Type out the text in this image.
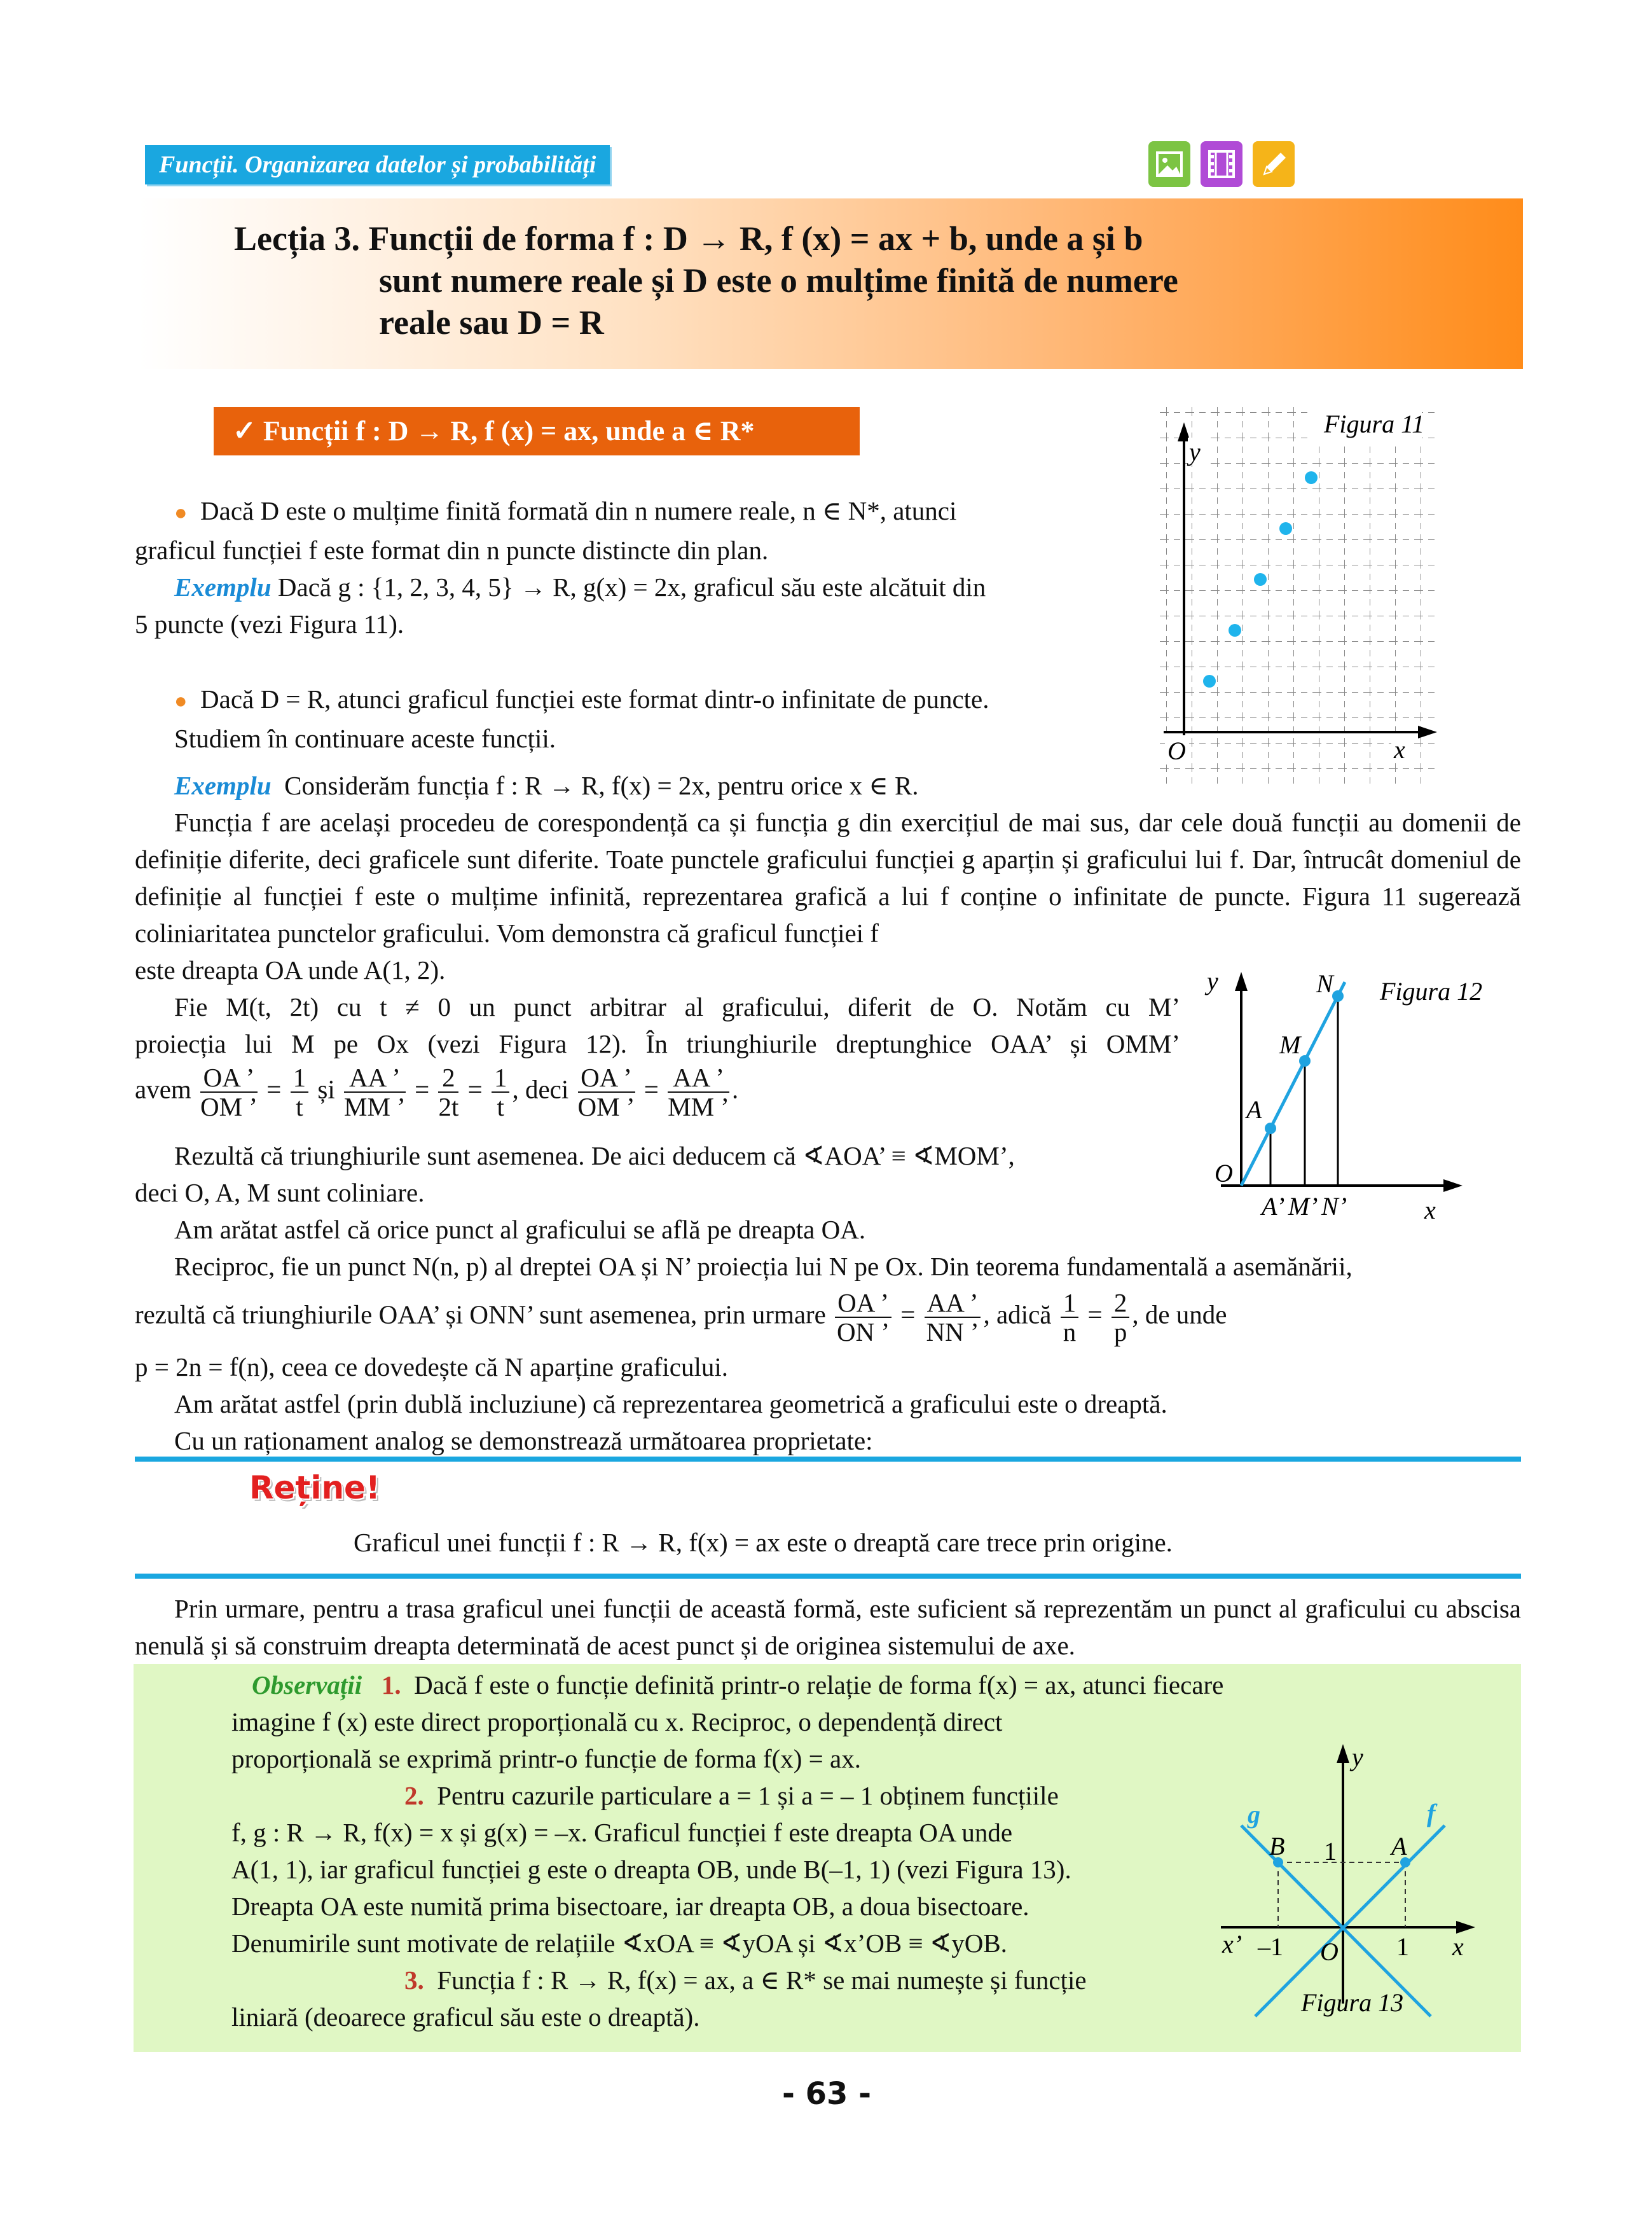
Funcții. Organizarea datelor și probabilități
Lecția 3. Funcții de forma f : D → R, f (x) = ax + b, unde a și b
sunt numere reale și D este o mulțime finită de numere
reale sau D = R
✓ Funcții f : D → R, f (x) = ax, unde a ∈ R*	Figura 11
y
O	x
● Dacă D este o mulțime finită formată din n numere reale, n ∈ N*, atunci
graficul funcției f este format din n puncte distincte din plan.
Exemplu Dacă g : {1, 2, 3, 4, 5} → R, g(x) = 2x, graficul său este alcătuit din
5 puncte (vezi Figura 11).
● Dacă D = R, atunci graficul funcției este format dintr-o infinitate de puncte.
Studiem în continuare aceste funcții.
Exemplu Considerăm funcția f : R → R, f(x) = 2x, pentru orice x ∈ R.
Funcția f are același procedeu de corespondență ca și funcția g din exercițiul de mai sus, dar cele două funcții au domenii de definiție diferite, deci graficele sunt diferite. Toate punctele graficului funcției g aparțin și graficului lui f. Dar, întrucât domeniul de definiție al funcției f este o mulțime infinită, reprezentarea grafică a lui f conține o infinitate de puncte. Figura 11 sugerează coliniaritatea punctelor graficului. Vom demonstra că graficul funcției f
este dreapta OA unde A(1, 2).
Fie M(t, 2t) cu t ≠ 0 un punct arbitrar al graficului, diferit de O. Notăm cu M’
proiecția lui M pe Ox (vezi Figura 12). În triunghiurile dreptunghice OAA’ și OMM’
avem $\frac{OA ’}{OM ’} = \frac{1}{t}$ și $\frac{AA ’}{MM ’} = \frac{2}{2t} = \frac{1}{t}$ , deci $\frac{OA ’}{OM ’} = \frac{AA ’}{MM ’}$ .
Rezultă că triunghiurile sunt asemenea. De aici deducem că ∢AOA’ ≡ ∢MOM’,
deci O, A, M sunt coliniare.
Am arătat astfel că orice punct al graficului se află pe dreapta OA.
y	N
M
A
O
A’ M’ N’	x
Figura 12
Reciproc, fie un punct N(n, p) al dreptei OA și N’ proiecția lui N pe Ox. Din teorema fundamentală a asemănării,
rezultă că triunghiurile OAA’ și ONN’ sunt asemenea, prin urmare $\frac{OA ’}{ON ’} = \frac{AA ’}{NN ’}$ , adică $\frac{1}{n} = \frac{2}{p}$ , de unde
p = 2n = f(n), ceea ce dovedește că N aparține graficului.
Am arătat astfel (prin dublă incluziune) că reprezentarea geometrică a graficului este o dreaptă.
Cu un raționament analog se demonstrează următoarea proprietate:
Reține!
Graficul unei funcții f : R → R, f(x) = ax este o dreaptă care trece prin origine.
Prin urmare, pentru a trasa graficul unei funcții de această formă, este suficient să reprezentăm un punct al graficului cu abscisa nenulă și să construim dreapta determinată de acest punct și de originea sistemului de axe.
Observații 1. Dacă f este o funcție definită printr-o relație de forma f(x) = ax, atunci fiecare
imagine f (x) este direct proporțională cu x. Reciproc, o dependență direct
proporțională se exprimă printr-o funcție de forma f(x) = ax.
2. Pentru cazurile particulare a = 1 și a = – 1 obținem funcțiile
f, g : R → R, f(x) = x și g(x) = –x. Graficul funcției f este dreapta OA unde
A(1, 1), iar graficul funcției g este o dreapta OB, unde B(–1, 1) (vezi Figura 13).
Dreapta OA este numită prima bisectoare, iar dreapta OB, a doua bisectoare.
Denumirile sunt motivate de relațiile ∢xOA ≡ ∢yOA și ∢x’OB ≡ ∢yOB.
3. Funcția f : R → R, f(x) = ax, a ∈ R* se mai numește și funcție
liniară (deoarece graficul său este o dreaptă).
y
g	f
B	A
1
x’ –1 O 1 x
Figura 13
- 63 -
